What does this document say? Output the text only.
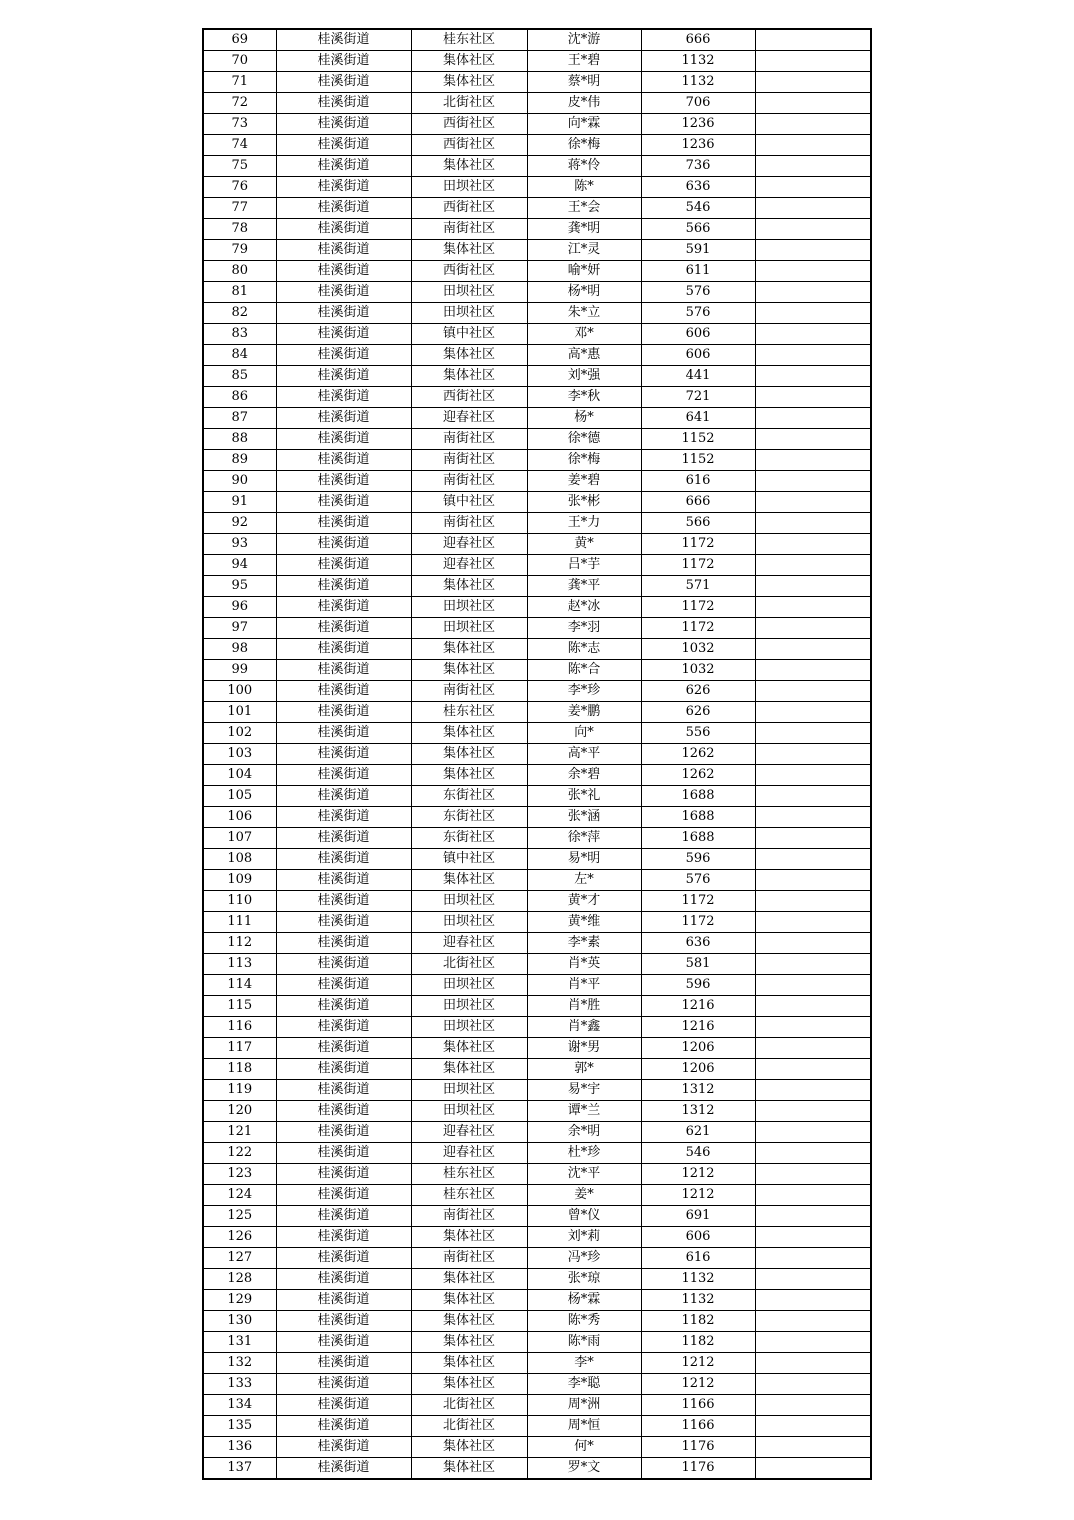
69	桂溪街道	桂东社区	沈*游	666	
70	桂溪街道	集体社区	王*碧	1132	
71	桂溪街道	集体社区	蔡*明	1132	
72	桂溪街道	北街社区	皮*伟	706	
73	桂溪街道	西街社区	向*霖	1236	
74	桂溪街道	西街社区	徐*梅	1236	
75	桂溪街道	集体社区	蒋*伶	736	
76	桂溪街道	田坝社区	陈*	636	
77	桂溪街道	西街社区	王*会	546	
78	桂溪街道	南街社区	龚*明	566	
79	桂溪街道	集体社区	江*灵	591	
80	桂溪街道	西街社区	喻*妍	611	
81	桂溪街道	田坝社区	杨*明	576	
82	桂溪街道	田坝社区	朱*立	576	
83	桂溪街道	镇中社区	邓*	606	
84	桂溪街道	集体社区	高*惠	606	
85	桂溪街道	集体社区	刘*强	441	
86	桂溪街道	西街社区	李*秋	721	
87	桂溪街道	迎春社区	杨*	641	
88	桂溪街道	南街社区	徐*德	1152	
89	桂溪街道	南街社区	徐*梅	1152	
90	桂溪街道	南街社区	姜*碧	616	
91	桂溪街道	镇中社区	张*彬	666	
92	桂溪街道	南街社区	王*力	566	
93	桂溪街道	迎春社区	黄*	1172	
94	桂溪街道	迎春社区	吕*芋	1172	
95	桂溪街道	集体社区	龚*平	571	
96	桂溪街道	田坝社区	赵*冰	1172	
97	桂溪街道	田坝社区	李*羽	1172	
98	桂溪街道	集体社区	陈*志	1032	
99	桂溪街道	集体社区	陈*合	1032	
100	桂溪街道	南街社区	李*珍	626	
101	桂溪街道	桂东社区	姜*鹏	626	
102	桂溪街道	集体社区	向*	556	
103	桂溪街道	集体社区	高*平	1262	
104	桂溪街道	集体社区	余*碧	1262	
105	桂溪街道	东街社区	张*礼	1688	
106	桂溪街道	东街社区	张*涵	1688	
107	桂溪街道	东街社区	徐*萍	1688	
108	桂溪街道	镇中社区	易*明	596	
109	桂溪街道	集体社区	左*	576	
110	桂溪街道	田坝社区	黄*才	1172	
111	桂溪街道	田坝社区	黄*维	1172	
112	桂溪街道	迎春社区	李*素	636	
113	桂溪街道	北街社区	肖*英	581	
114	桂溪街道	田坝社区	肖*平	596	
115	桂溪街道	田坝社区	肖*胜	1216	
116	桂溪街道	田坝社区	肖*鑫	1216	
117	桂溪街道	集体社区	谢*男	1206	
118	桂溪街道	集体社区	郭*	1206	
119	桂溪街道	田坝社区	易*宇	1312	
120	桂溪街道	田坝社区	谭*兰	1312	
121	桂溪街道	迎春社区	余*明	621	
122	桂溪街道	迎春社区	杜*珍	546	
123	桂溪街道	桂东社区	沈*平	1212	
124	桂溪街道	桂东社区	姜*	1212	
125	桂溪街道	南街社区	曾*仪	691	
126	桂溪街道	集体社区	刘*莉	606	
127	桂溪街道	南街社区	冯*珍	616	
128	桂溪街道	集体社区	张*琼	1132	
129	桂溪街道	集体社区	杨*霖	1132	
130	桂溪街道	集体社区	陈*秀	1182	
131	桂溪街道	集体社区	陈*雨	1182	
132	桂溪街道	集体社区	李*	1212	
133	桂溪街道	集体社区	李*聪	1212	
134	桂溪街道	北街社区	周*洲	1166	
135	桂溪街道	北街社区	周*恒	1166	
136	桂溪街道	集体社区	何*	1176	
137	桂溪街道	集体社区	罗*文	1176	
